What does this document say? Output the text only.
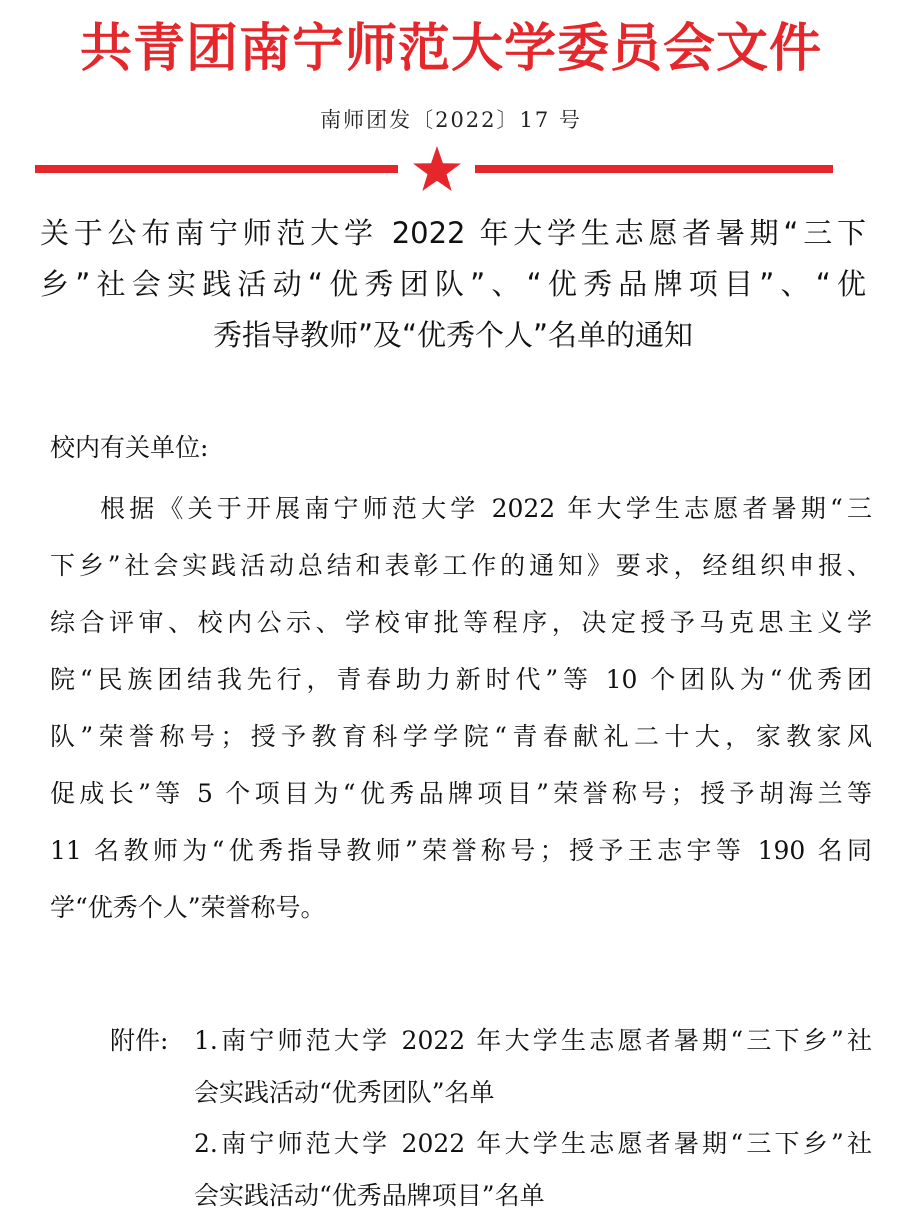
共青团南宁师范大学委员会文件
南师团发〔2022〕17 号
关于公布南宁师范大学 2022 年大学生志愿者暑期“三下
乡”社会实践活动“优秀团队”、“优秀品牌项目”、“优
秀指导教师”及“优秀个人”名单的通知
校内有关单位:
根据《关于开展南宁师范大学 2022 年大学生志愿者暑期“三
下乡”社会实践活动总结和表彰工作的通知》要求，经组织申报、
综合评审、校内公示、学校审批等程序，决定授予马克思主义学
院“民族团结我先行，青春助力新时代”等 10 个团队为“优秀团
队”荣誉称号；授予教育科学学院“青春献礼二十大，家教家风
促成长”等 5 个项目为“优秀品牌项目”荣誉称号；授予胡海兰等
11 名教师为“优秀指导教师”荣誉称号；授予王志宇等 190 名同
学“优秀个人”荣誉称号。
附件: 1.南宁师范大学 2022 年大学生志愿者暑期“三下乡”社
会实践活动“优秀团队”名单
2.南宁师范大学 2022 年大学生志愿者暑期“三下乡”社
会实践活动“优秀品牌项目”名单
